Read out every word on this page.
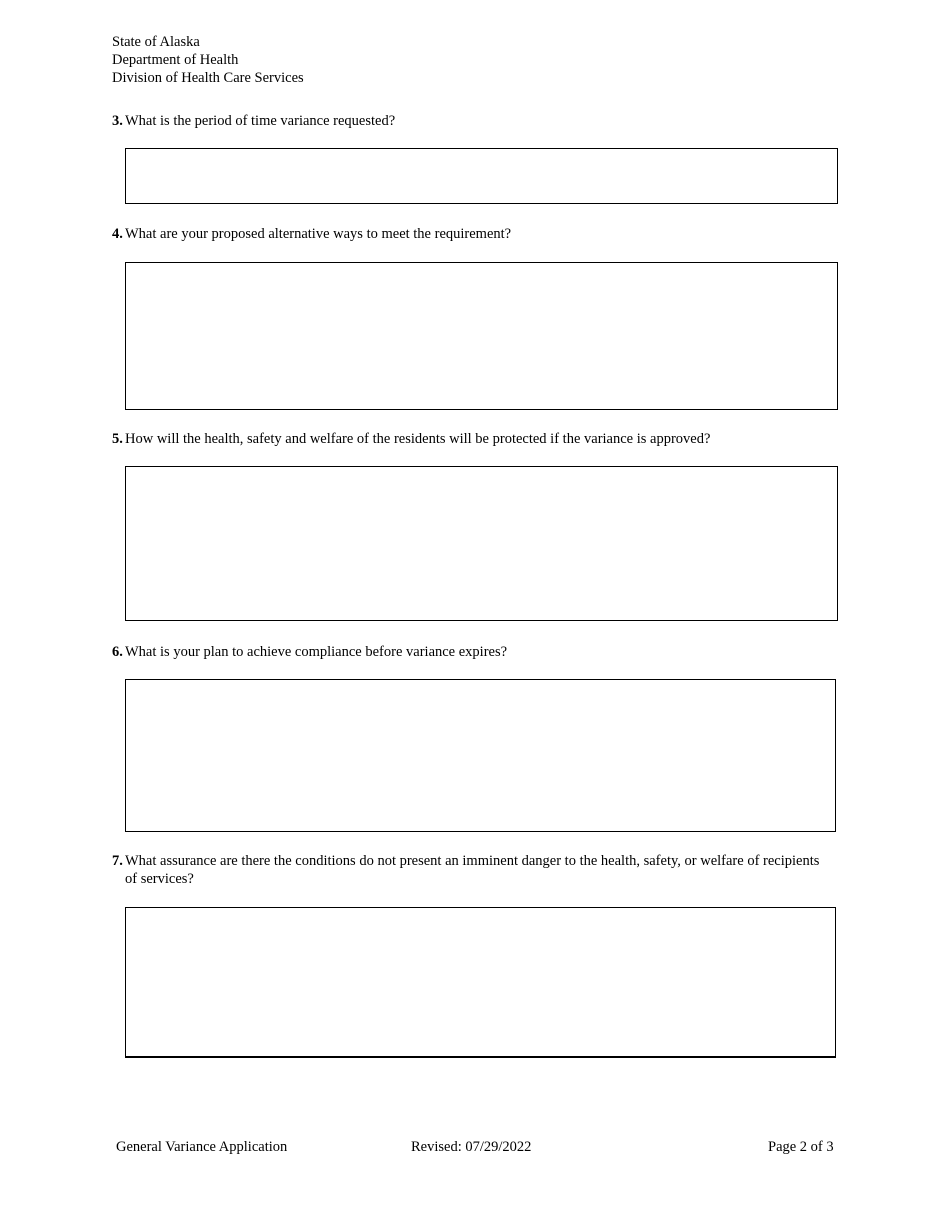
State of Alaska
Department of Health
Division of Health Care Services
3. What is the period of time variance requested?
4. What are your proposed alternative ways to meet the requirement?
5. How will the health, safety and welfare of the residents will be protected if the variance is approved?
6. What is your plan to achieve compliance before variance expires?
7. What assurance are there the conditions do not present an imminent danger to the health, safety, or welfare of recipients of services?
General Variance Application	Revised: 07/29/2022	Page 2 of 3
